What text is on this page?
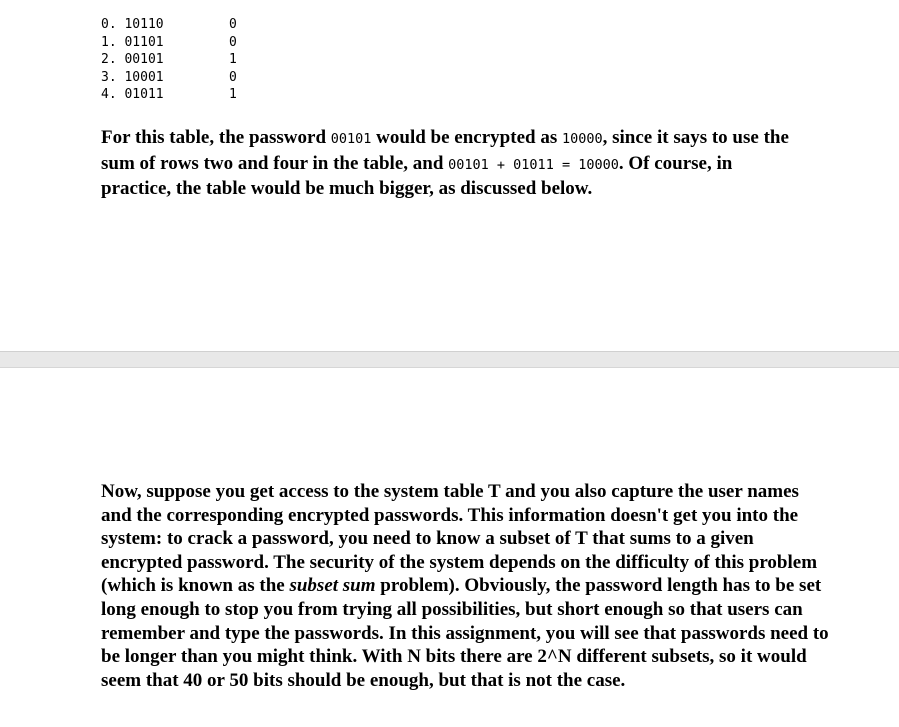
0. 10110	0
1. 01101	0
2. 00101	1
3. 10001	0
4. 01011	1

For this table, the password 00101 would be encrypted as 10000, since it says to use the sum of rows two and four in the table, and 00101 + 01011 = 10000. Of course, in practice, the table would be much bigger, as discussed below.

Now, suppose you get access to the system table T and you also capture the user names and the corresponding encrypted passwords. This information doesn't get you into the system: to crack a password, you need to know a subset of T that sums to a given encrypted password. The security of the system depends on the difficulty of this problem (which is known as the subset sum problem). Obviously, the password length has to be set long enough to stop you from trying all possibilities, but short enough so that users can remember and type the passwords. In this assignment, you will see that passwords need to be longer than you might think. With N bits there are 2^N different subsets, so it would seem that 40 or 50 bits should be enough, but that is not the case.
